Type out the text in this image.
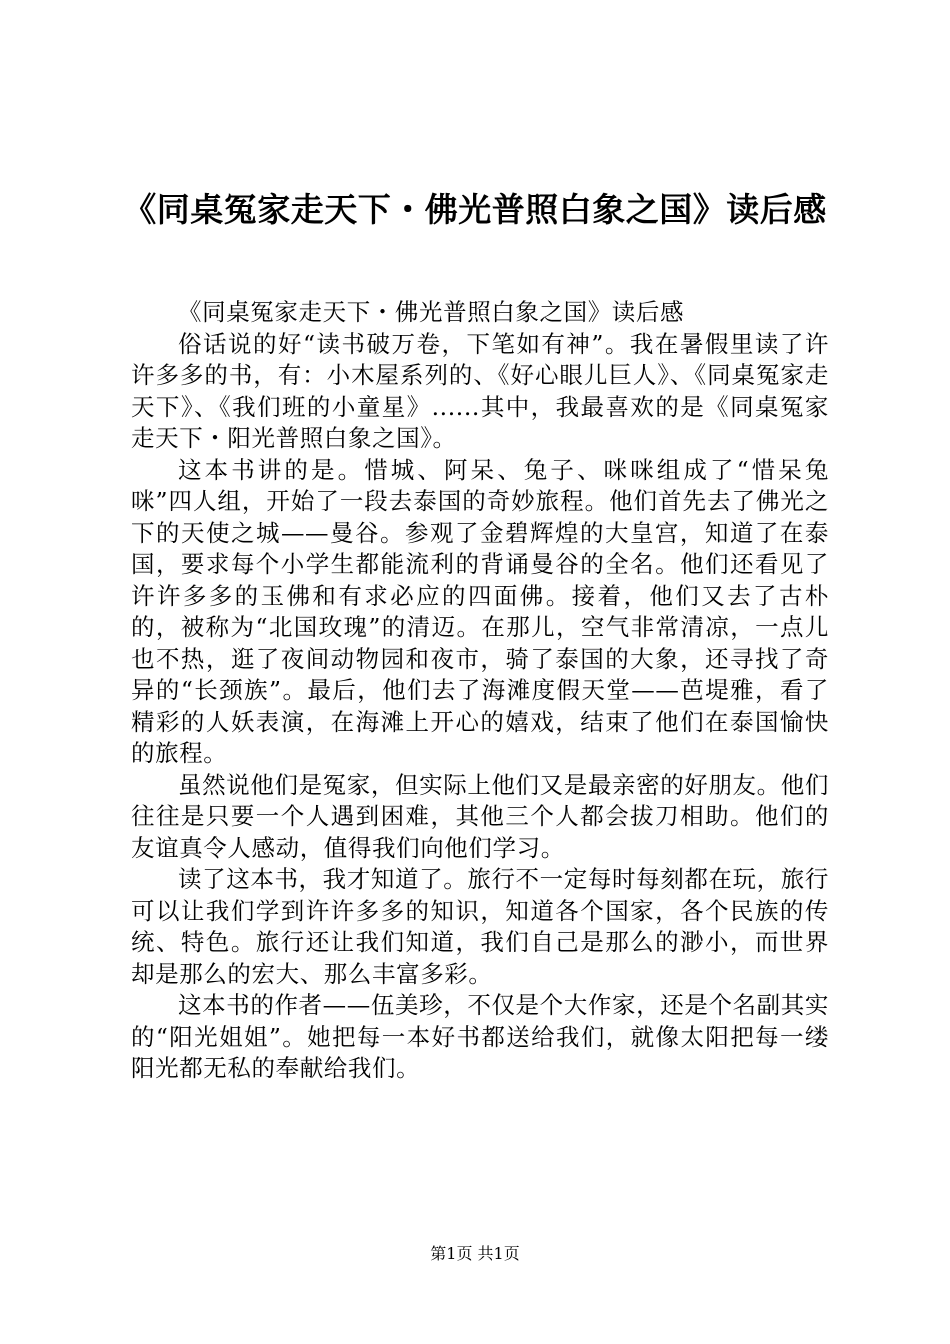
《同桌冤家走天下・佛光普照白象之国》读后感

《同桌冤家走天下・佛光普照白象之国》读后感

俗话说的好“读书破万卷，下笔如有神”。我在暑假里读了许许多多的书，有：小木屋系列的、《好心眼儿巨人》、《同桌冤家走天下》、《我们班的小童星》......其中，我最喜欢的是《同桌冤家走天下・阳光普照白象之国》。

这本书讲的是。惜城、阿呆、兔子、咪咪组成了“惜呆兔咪”四人组，开始了一段去泰国的奇妙旅程。他们首先去了佛光之下的天使之城——曼谷。参观了金碧辉煌的大皇宫，知道了在泰国，要求每个小学生都能流利的背诵曼谷的全名。他们还看见了许许多多的玉佛和有求必应的四面佛。接着，他们又去了古朴的，被称为“北国玫瑰”的清迈。在那儿，空气非常清凉，一点儿也不热，逛了夜间动物园和夜市，骑了泰国的大象，还寻找了奇异的“长颈族”。最后，他们去了海滩度假天堂——芭堤雅，看了精彩的人妖表演，在海滩上开心的嬉戏，结束了他们在泰国愉快的旅程。

虽然说他们是冤家，但实际上他们又是最亲密的好朋友。他们往往是只要一个人遇到困难，其他三个人都会拔刀相助。他们的友谊真令人感动，值得我们向他们学习。

读了这本书，我才知道了。旅行不一定每时每刻都在玩，旅行可以让我们学到许许多多的知识，知道各个国家，各个民族的传统、特色。旅行还让我们知道，我们自己是那么的渺小，而世界却是那么的宏大、那么丰富多彩。

这本书的作者——伍美珍，不仅是个大作家，还是个名副其实的“阳光姐姐”。她把每一本好书都送给我们，就像太阳把每一缕阳光都无私的奉献给我们。

第1页 共1页
